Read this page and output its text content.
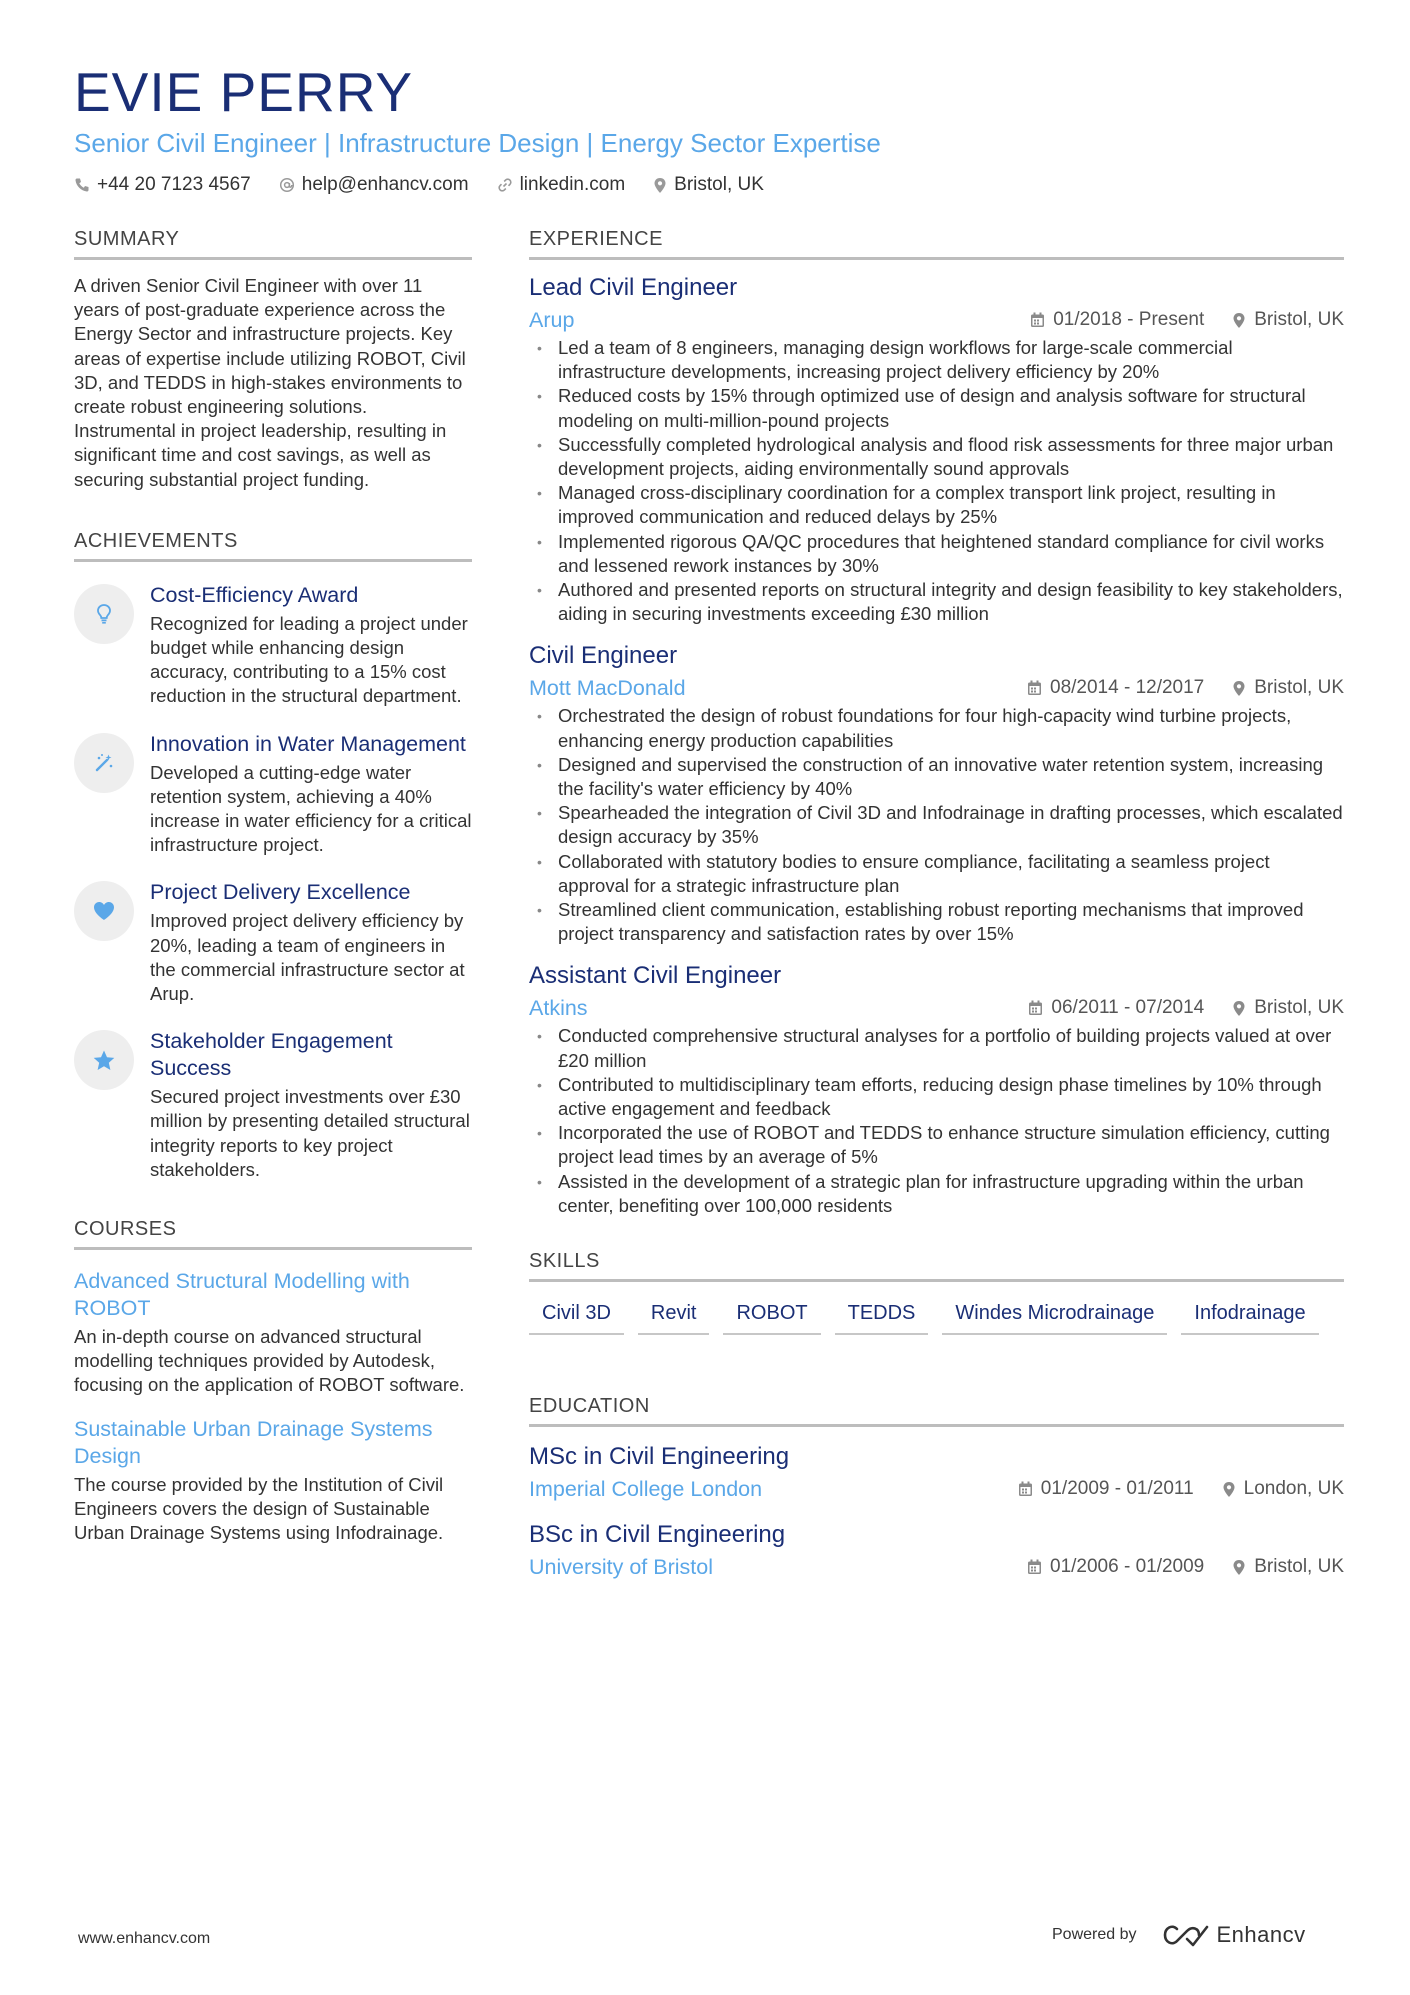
EVIE PERRY
Senior Civil Engineer | Infrastructure Design | Energy Sector Expertise
+44 20 7123 4567	help@enhancv.com	linkedin.com	Bristol, UK
SUMMARY

A driven Senior Civil Engineer with over 11 years of post-graduate experience across the Energy Sector and infrastructure projects. Key areas of expertise include utilizing ROBOT, Civil 3D, and TEDDS in high-stakes environments to create robust engineering solutions. Instrumental in project leadership, resulting in significant time and cost savings, as well as securing substantial project funding.

ACHIEVEMENTS
Cost-Efficiency Award
Recognized for leading a project under budget while enhancing design accuracy, contributing to a 15% cost reduction in the structural department.
Innovation in Water Management
Developed a cutting-edge water retention system, achieving a 40% increase in water efficiency for a critical infrastructure project.
Project Delivery Excellence
Improved project delivery efficiency by 20%, leading a team of engineers in the commercial infrastructure sector at Arup.
Stakeholder Engagement Success
Secured project investments over £30 million by presenting detailed structural integrity reports to key project stakeholders.
COURSES
Advanced Structural Modelling with ROBOT
An in-depth course on advanced structural modelling techniques provided by Autodesk, focusing on the application of ROBOT software.
Sustainable Urban Drainage Systems Design
The course provided by the Institution of Civil Engineers covers the design of Sustainable Urban Drainage Systems using Infodrainage.
EXPERIENCE
Lead Civil Engineer
Arup	01/2018 - Present	Bristol, UK
• Led a team of 8 engineers, managing design workflows for large-scale commercial infrastructure developments, increasing project delivery efficiency by 20%
• Reduced costs by 15% through optimized use of design and analysis software for structural modeling on multi-million-pound projects
• Successfully completed hydrological analysis and flood risk assessments for three major urban development projects, aiding environmentally sound approvals
• Managed cross-disciplinary coordination for a complex transport link project, resulting in improved communication and reduced delays by 25%
• Implemented rigorous QA/QC procedures that heightened standard compliance for civil works and lessened rework instances by 30%
• Authored and presented reports on structural integrity and design feasibility to key stakeholders, aiding in securing investments exceeding £30 million
Civil Engineer
Mott MacDonald	08/2014 - 12/2017	Bristol, UK
• Orchestrated the design of robust foundations for four high-capacity wind turbine projects, enhancing energy production capabilities
• Designed and supervised the construction of an innovative water retention system, increasing the facility's water efficiency by 40%
• Spearheaded the integration of Civil 3D and Infodrainage in drafting processes, which escalated design accuracy by 35%
• Collaborated with statutory bodies to ensure compliance, facilitating a seamless project approval for a strategic infrastructure plan
• Streamlined client communication, establishing robust reporting mechanisms that improved project transparency and satisfaction rates by over 15%
Assistant Civil Engineer
Atkins	06/2011 - 07/2014	Bristol, UK
• Conducted comprehensive structural analyses for a portfolio of building projects valued at over £20 million
• Contributed to multidisciplinary team efforts, reducing design phase timelines by 10% through active engagement and feedback
• Incorporated the use of ROBOT and TEDDS to enhance structure simulation efficiency, cutting project lead times by an average of 5%
• Assisted in the development of a strategic plan for infrastructure upgrading within the urban center, benefiting over 100,000 residents
SKILLS
Civil 3D	Revit	ROBOT	TEDDS	Windes Microdrainage	Infodrainage
EDUCATION
MSc in Civil Engineering
Imperial College London	01/2009 - 01/2011	London, UK
BSc in Civil Engineering
University of Bristol	01/2006 - 01/2009	Bristol, UK
www.enhancv.com	Powered by	Enhancv
